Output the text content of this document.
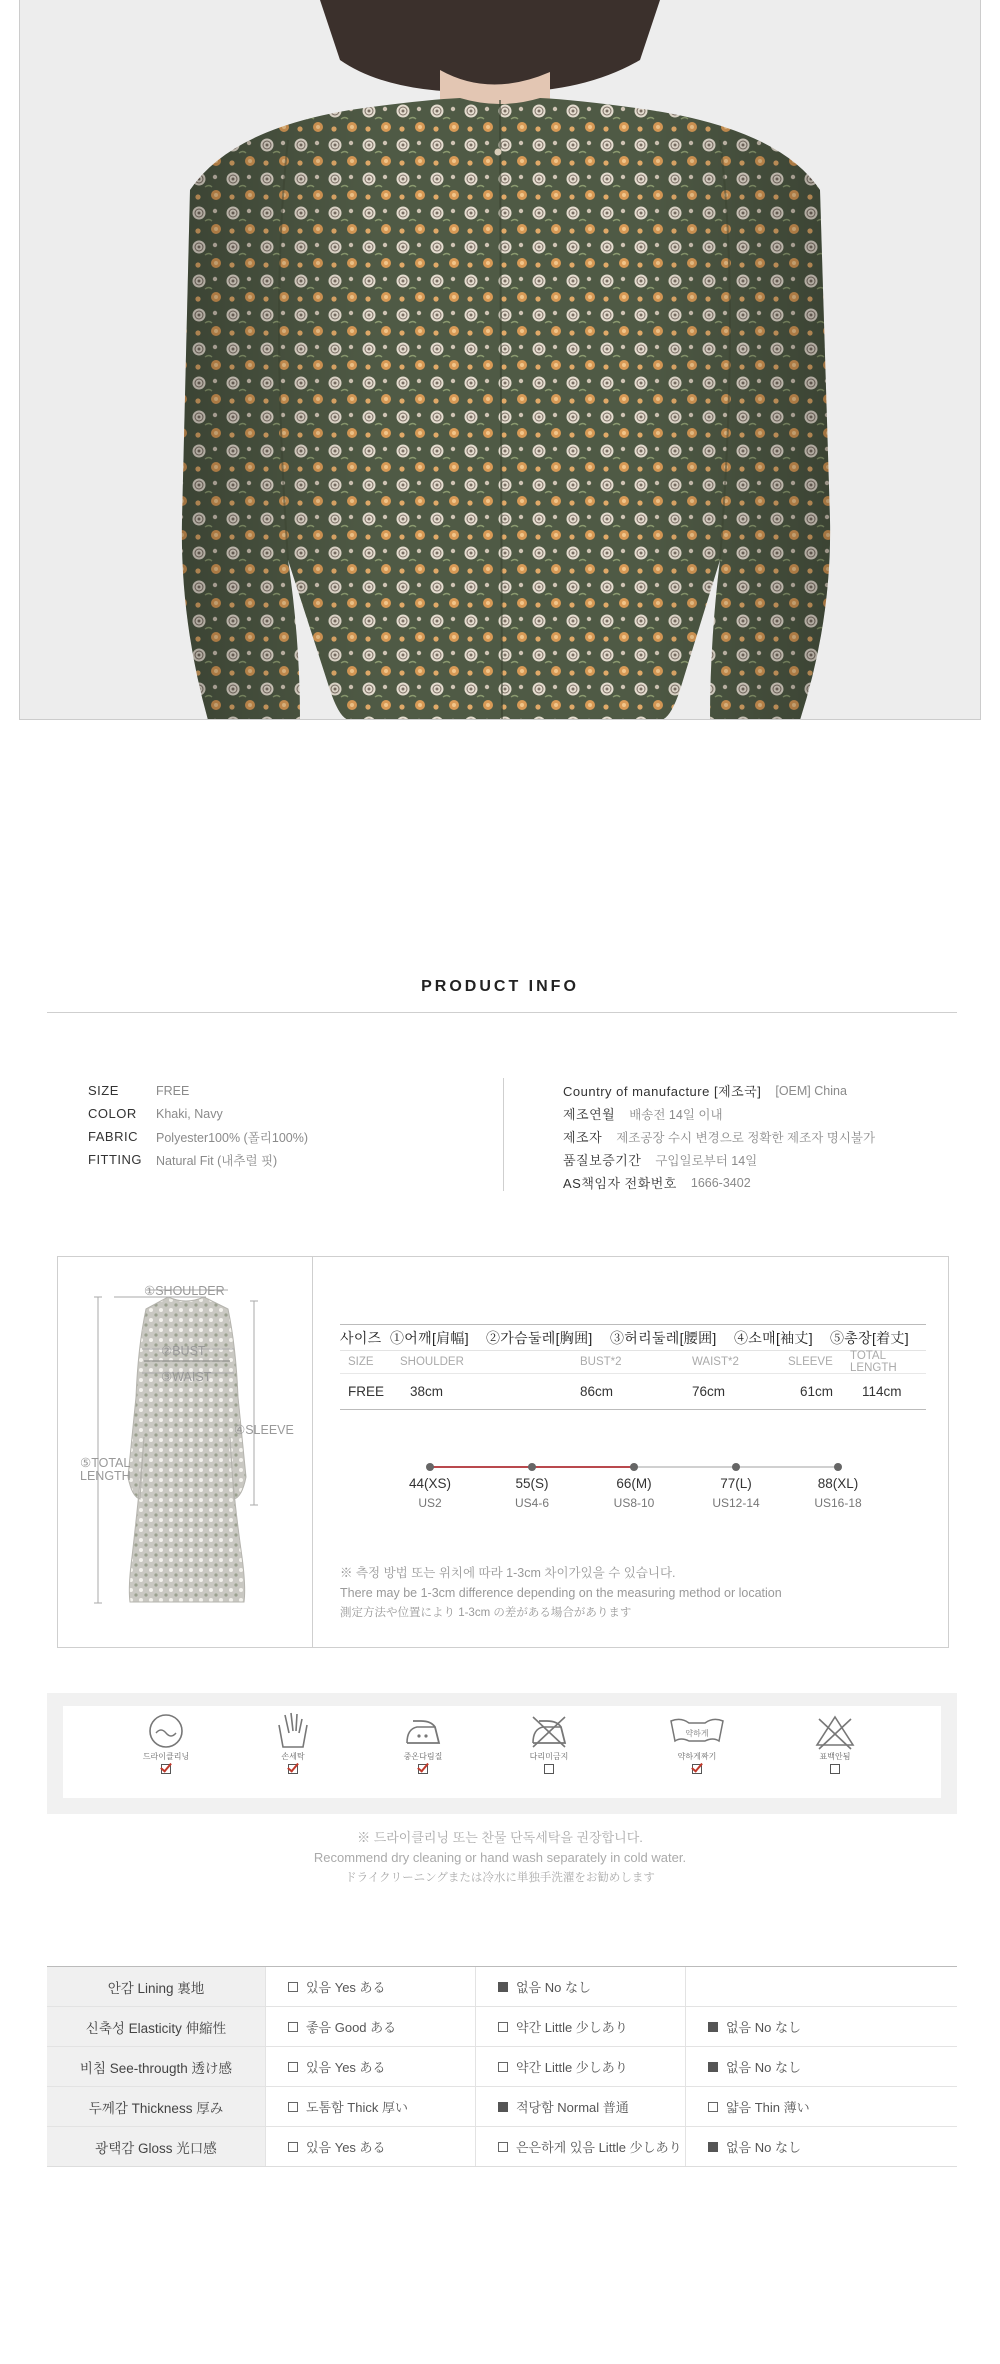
PRODUCT INFO
SIZE	FREE
COLOR	Khaki, Navy
FABRIC	Polyester100% (폴리100%)
FITTING	Natural Fit (내추럴 핏)
Country of manufacture [제조국] [OEM] China
제조연월 배송전 14일 이내
제조자 제조공장 수시 변경으로 정확한 제조자 명시불가
품질보증기간 구입일로부터 14일
AS책임자 전화번호 1666-3402
①SHOULDER
②BUST
③WAIST
④SLEEVE
⑤TOTAL
LENGTH
사이즈 ①어깨[肩幅]	②가슴둘레[胸囲]	③허리둘레[腰囲]	④소매[袖丈]	⑤총장[着丈]
SIZE	SHOULDER	BUST*2	WAIST*2	SLEEVE	TOTAL LENGTH
FREE	38cm	86cm	76cm	61cm	114cm
44(XS)
US2
55(S)
US4-6
66(M)
US8-10
77(L)
US12-14
88(XL)
US16-18
※ 측정 방법 또는 위치에 따라 1-3cm 차이가있을 수 있습니다.
There may be 1-3cm difference depending on the measuring method or location
測定方法や位置により 1-3cm の差がある場合があります
드라이클리닝	손세탁	중온다림질	다리미금지
약하게
약하게짜기	표백안됨
※ 드라이클리닝 또는 찬물 단독세탁을 권장합니다.
Recommend dry cleaning or hand wash separately in cold water.
ドライクリーニングまたは冷水に単独手洗濯をお勧めします
안감 Lining 裏地	있음 Yes ある	없음 No なし
신축성 Elasticity 伸縮性	좋음 Good ある	약간 Little 少しあり	없음 No なし
비침 See-througth 透け感	있음 Yes ある	약간 Little 少しあり	없음 No なし
두께감 Thickness 厚み	도톰함 Thick 厚い	적당함 Normal 普通	얇음 Thin 薄い
광택감 Gloss 光口感	있음 Yes ある	은은하게 있음 Little 少しあり	없음 No なし
